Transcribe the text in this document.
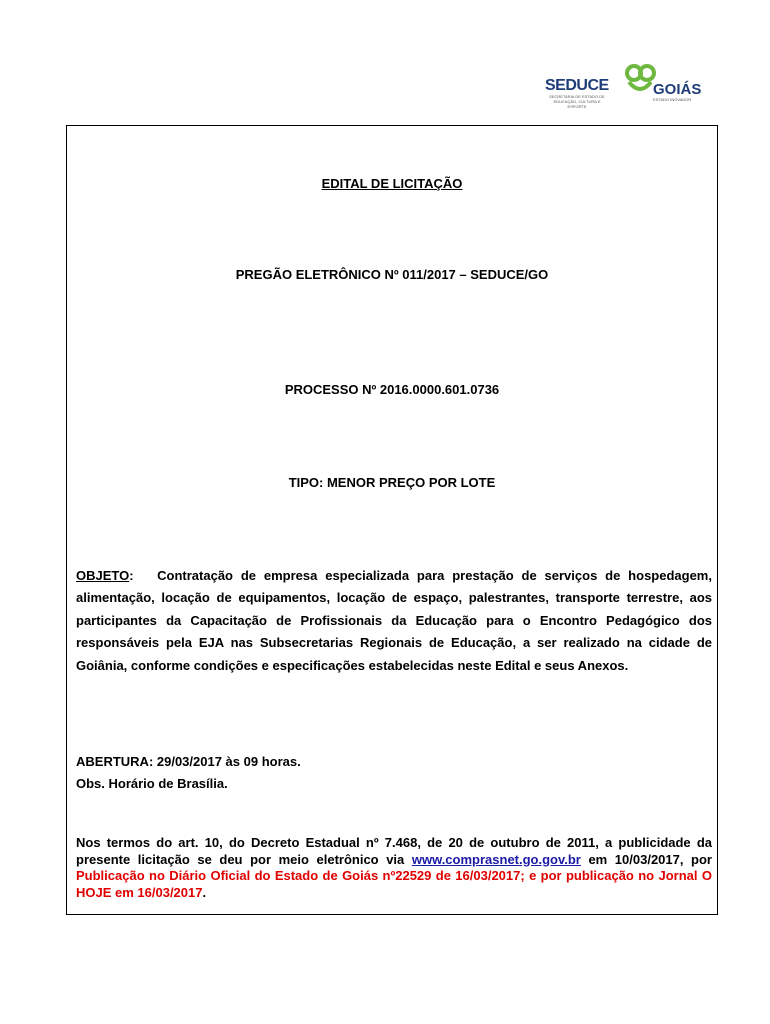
SEDUCE
SECRETARIA DE ESTADO DE EDUCAÇÃO, CULTURA E ESPORTE
GOIÁS
ESTADO INOVADOR
EDITAL DE LICITAÇÃO
PREGÃO ELETRÔNICO Nº 011/2017 – SEDUCE/GO
PROCESSO Nº 2016.0000.601.0736
TIPO: MENOR PREÇO POR LOTE
OBJETO: Contratação de empresa especializada para prestação de serviços de hospedagem, alimentação, locação de equipamentos, locação de espaço, palestrantes, transporte terrestre, aos participantes da Capacitação de Profissionais da Educação para o Encontro Pedagógico dos responsáveis pela EJA nas Subsecretarias Regionais de Educação, a ser realizado na cidade de Goiânia, conforme condições e especificações estabelecidas neste Edital e seus Anexos.
ABERTURA: 29/03/2017 às 09 horas.
Obs. Horário de Brasília.
Nos termos do art. 10, do Decreto Estadual nº 7.468, de 20 de outubro de 2011, a publicidade da presente licitação se deu por meio eletrônico via www.comprasnet.go.gov.br em 10/03/2017, por Publicação no Diário Oficial do Estado de Goiás nº22529 de 16/03/2017; e por publicação no Jornal O HOJE em 16/03/2017.
